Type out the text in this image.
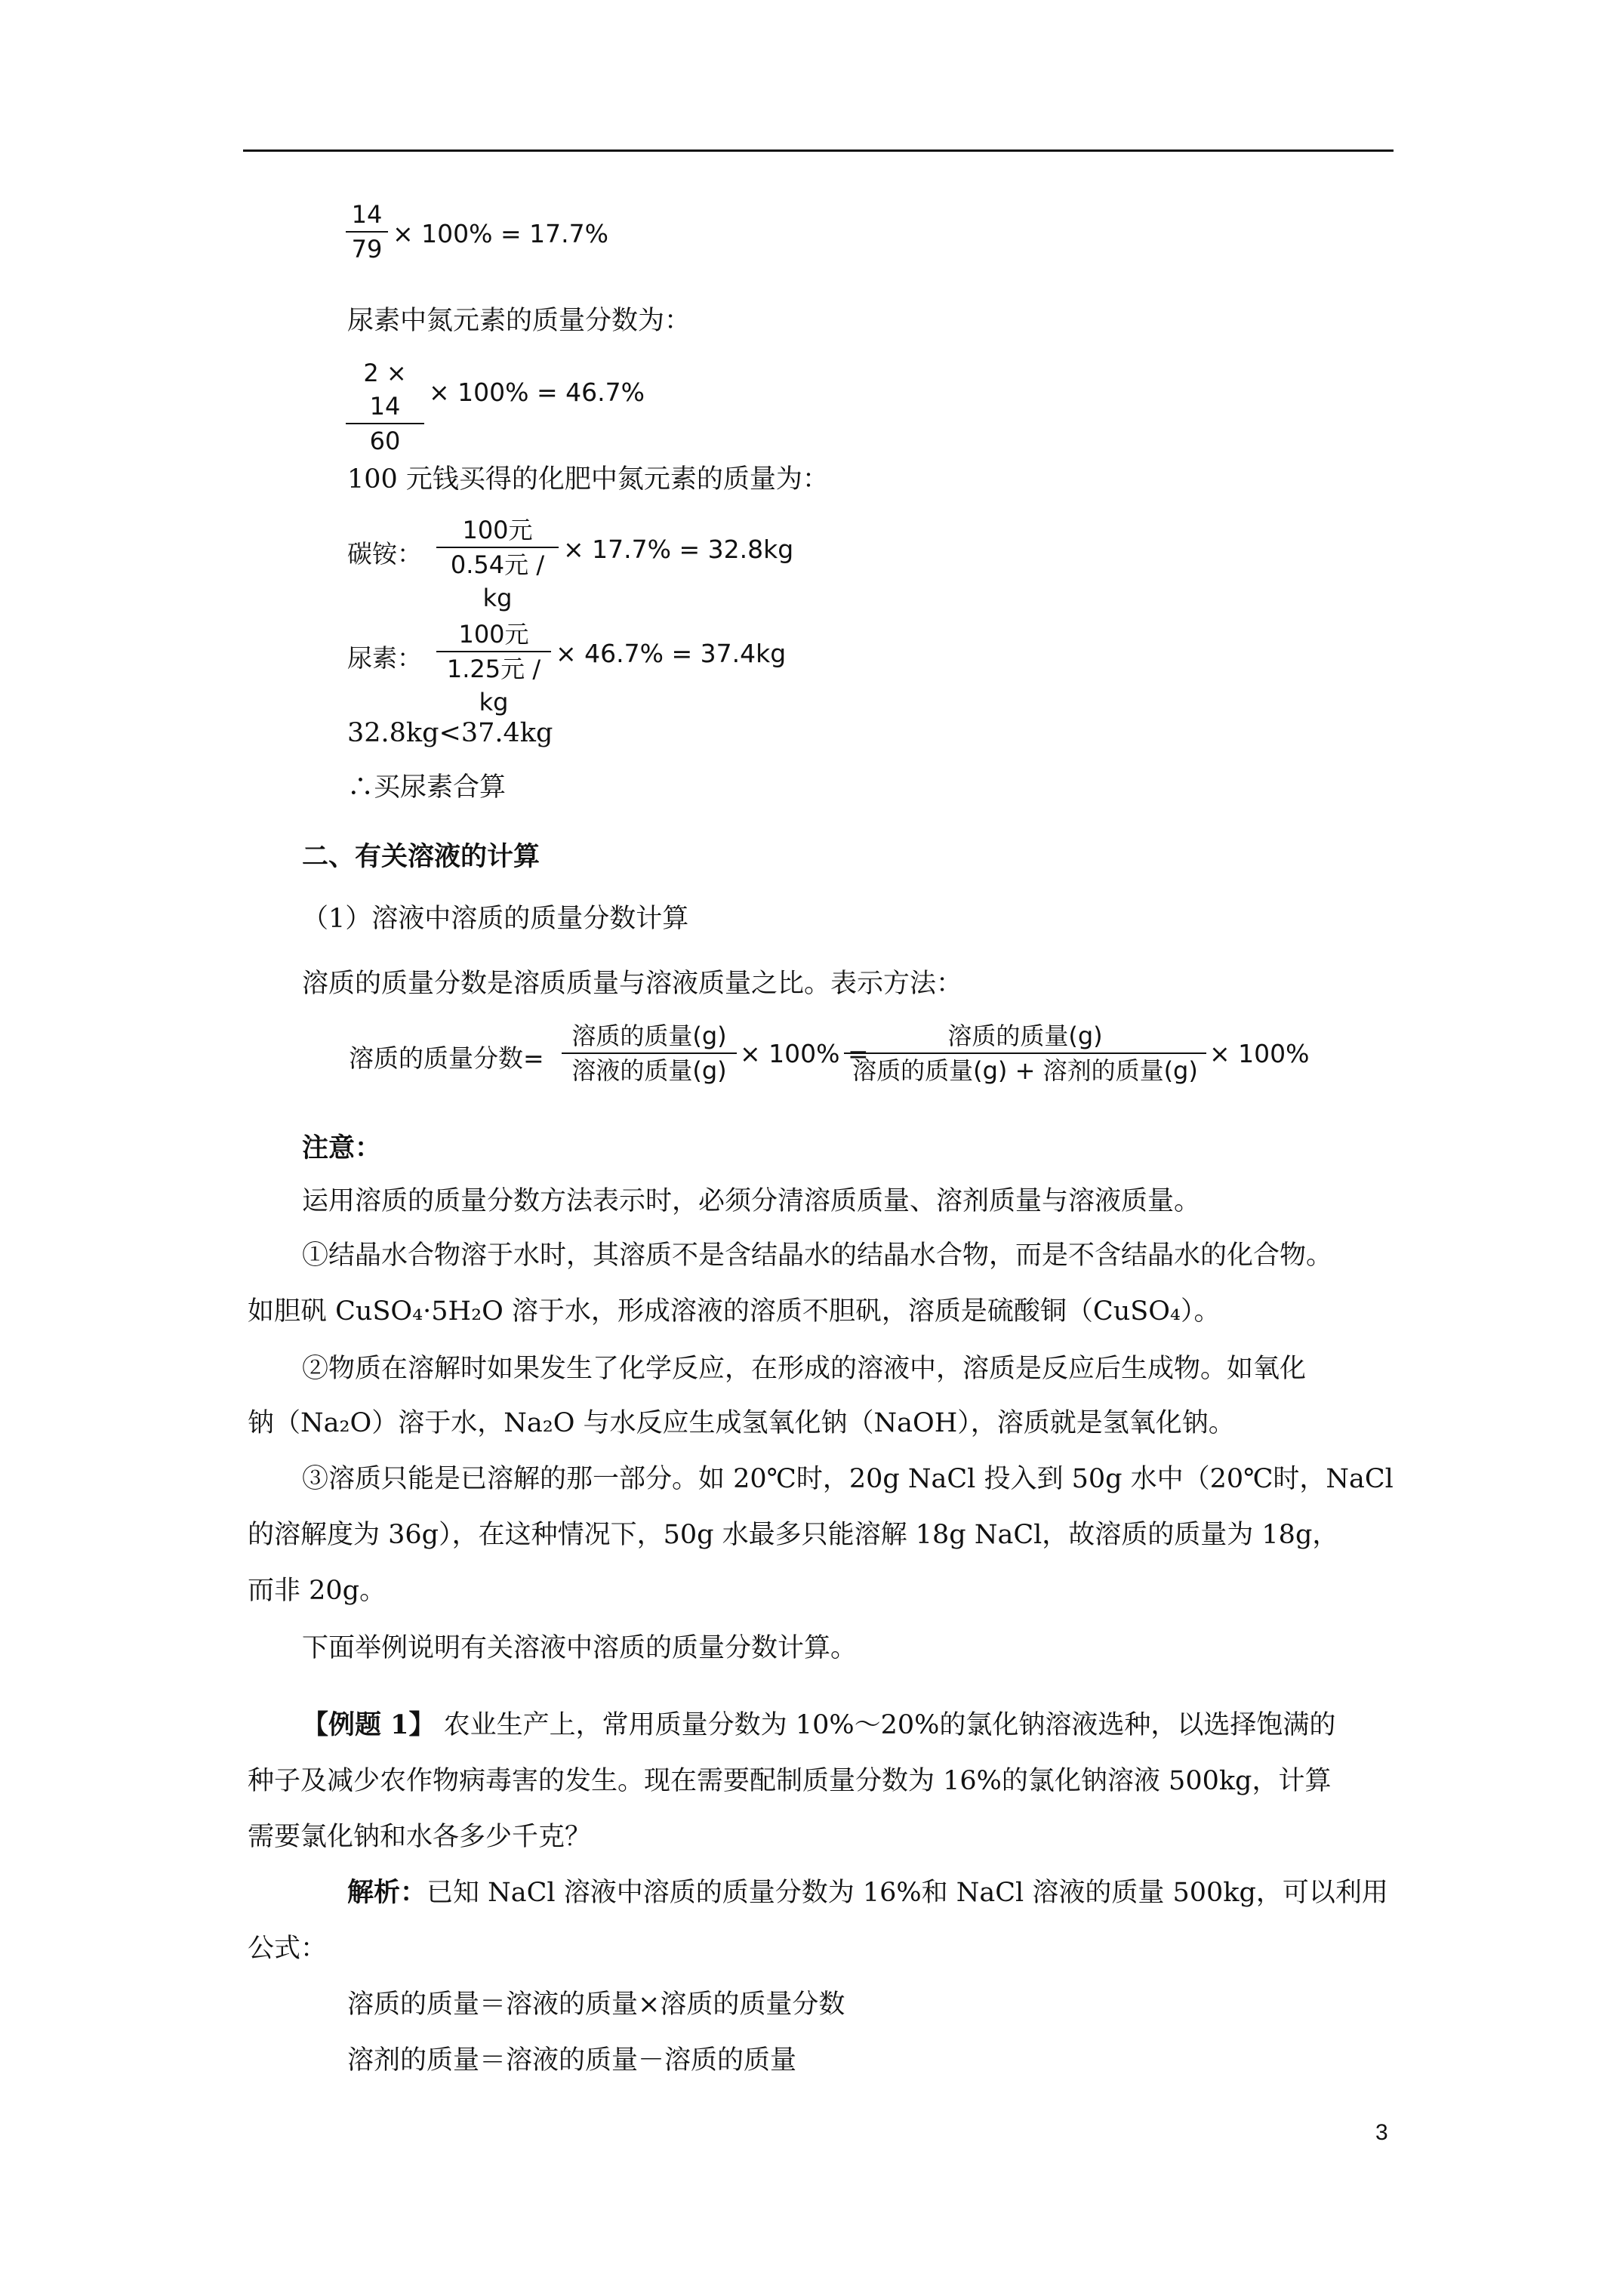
14
79
× 100% = 17.7%
尿素中氮元素的质量分数为：
2 × 14
60
× 100% = 46.7%
100 元钱买得的化肥中氮元素的质量为：
碳铵：
100元
0.54元 / kg
× 17.7% = 32.8kg
尿素：
100元
1.25元 / kg
× 46.7% = 37.4kg
32.8kg<37.4kg
∴买尿素合算
二、有关溶液的计算
（1）溶液中溶质的质量分数计算
溶质的质量分数是溶质质量与溶液质量之比。表示方法：
溶质的质量分数=
溶质的质量(g)
溶液的质量(g)
× 100% =
溶质的质量(g)
溶质的质量(g) + 溶剂的质量(g)
× 100%
注意：
运用溶质的质量分数方法表示时，必须分清溶质质量、溶剂质量与溶液质量。
①结晶水合物溶于水时，其溶质不是含结晶水的结晶水合物，而是不含结晶水的化合物。
如胆矾 CuSO₄·5H₂O 溶于水，形成溶液的溶质不胆矾，溶质是硫酸铜（CuSO₄）。
②物质在溶解时如果发生了化学反应，在形成的溶液中，溶质是反应后生成物。如氧化
钠（Na₂O）溶于水，Na₂O 与水反应生成氢氧化钠（NaOH），溶质就是氢氧化钠。
③溶质只能是已溶解的那一部分。如 20℃时，20g NaCl 投入到 50g 水中（20℃时，NaCl
的溶解度为 36g），在这种情况下，50g 水最多只能溶解 18g NaCl，故溶质的质量为 18g，
而非 20g。
下面举例说明有关溶液中溶质的质量分数计算。
【例题 1】 农业生产上，常用质量分数为 10%～20%的氯化钠溶液选种，以选择饱满的
种子及减少农作物病毒害的发生。现在需要配制质量分数为 16%的氯化钠溶液 500kg，计算
需要氯化钠和水各多少千克？
解析：已知 NaCl 溶液中溶质的质量分数为 16%和 NaCl 溶液的质量 500kg，可以利用
公式：
溶质的质量＝溶液的质量×溶质的质量分数
溶剂的质量＝溶液的质量－溶质的质量
3
